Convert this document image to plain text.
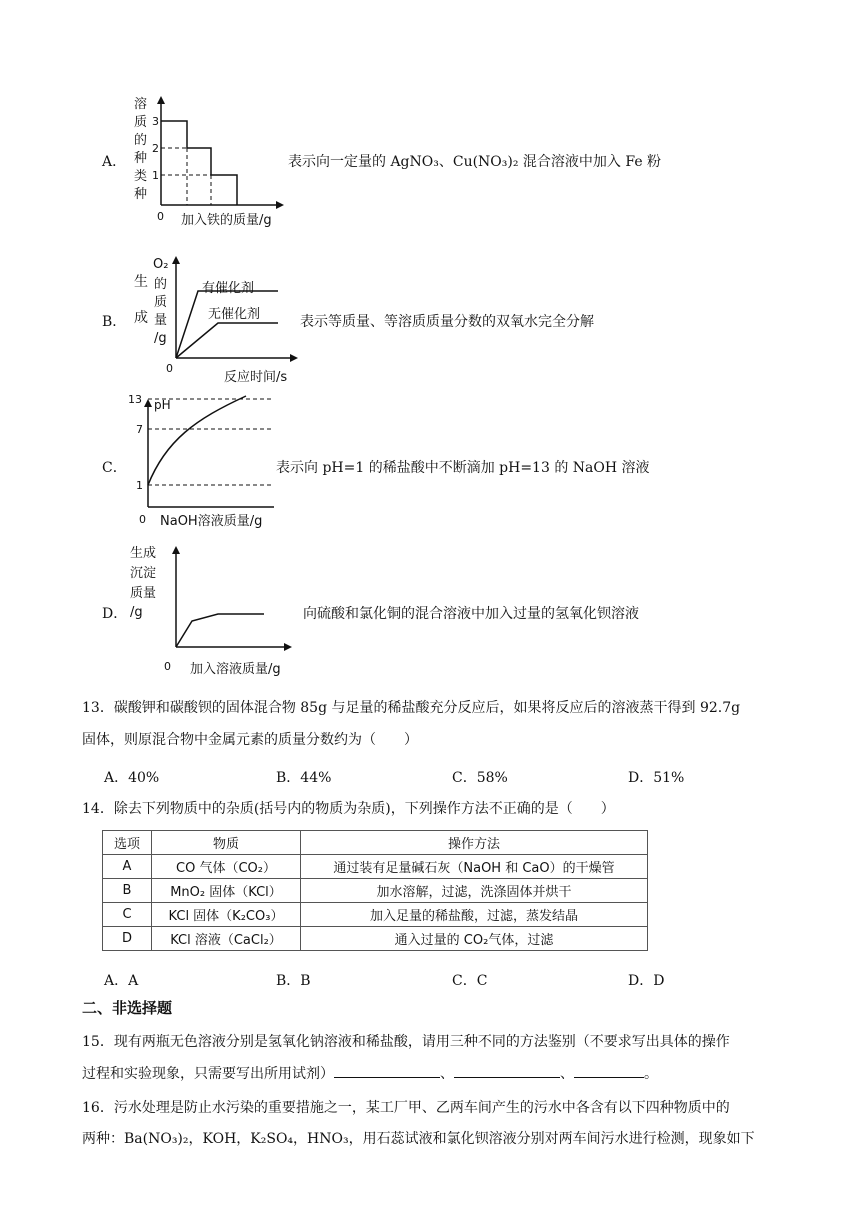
A．
溶
质
的
种
类
种
3
2
1
0 加入铁的质量/g
表示向一定量的 AgNO₃、Cu(NO₃)₂ 混合溶液中加入 Fe 粉
B．
生
成
O₂
的
质
量
/g
有催化剂
无催化剂
0
反应时间/s
表示等质量、等溶质质量分数的双氧水完全分解
C．
pH
13
7
1
0 NaOH溶液质量/g
表示向 pH=1 的稀盐酸中不断滴加 pH=13 的 NaOH 溶液
D．
生成
沉淀
质量
/g
0 加入溶液质量/g
向硫酸和氯化铜的混合溶液中加入过量的氢氧化钡溶液
13．碳酸钾和碳酸钡的固体混合物 85g 与足量的稀盐酸充分反应后，如果将反应后的溶液蒸干得到 92.7g
固体，则原混合物中金属元素的质量分数约为（　　）
A．40%	B．44%	C．58%	D．51%
14．除去下列物质中的杂质(括号内的物质为杂质)，下列操作方法不正确的是（　　）
选项	物质	操作方法
A	CO 气体（CO₂）	通过装有足量碱石灰（NaOH 和 CaO）的干燥管
B	MnO₂ 固体（KCl）	加水溶解，过滤，洗涤固体并烘干
C	KCl 固体（K₂CO₃）	加入足量的稀盐酸，过滤，蒸发结晶
D	KCl 溶液（CaCl₂）	通入过量的 CO₂气体，过滤
A．A	B．B	C．C	D．D
二、非选择题
15．现有两瓶无色溶液分别是氢氧化钠溶液和稀盐酸，请用三种不同的方法鉴别（不要求写出具体的操作
过程和实验现象，只需要写出所用试剂）	、	、	。
16．污水处理是防止水污染的重要措施之一，某工厂甲、乙两车间产生的污水中各含有以下四种物质中的
两种：Ba(NO₃)₂，KOH，K₂SO₄，HNO₃，用石蕊试液和氯化钡溶液分别对两车间污水进行检测，现象如下
